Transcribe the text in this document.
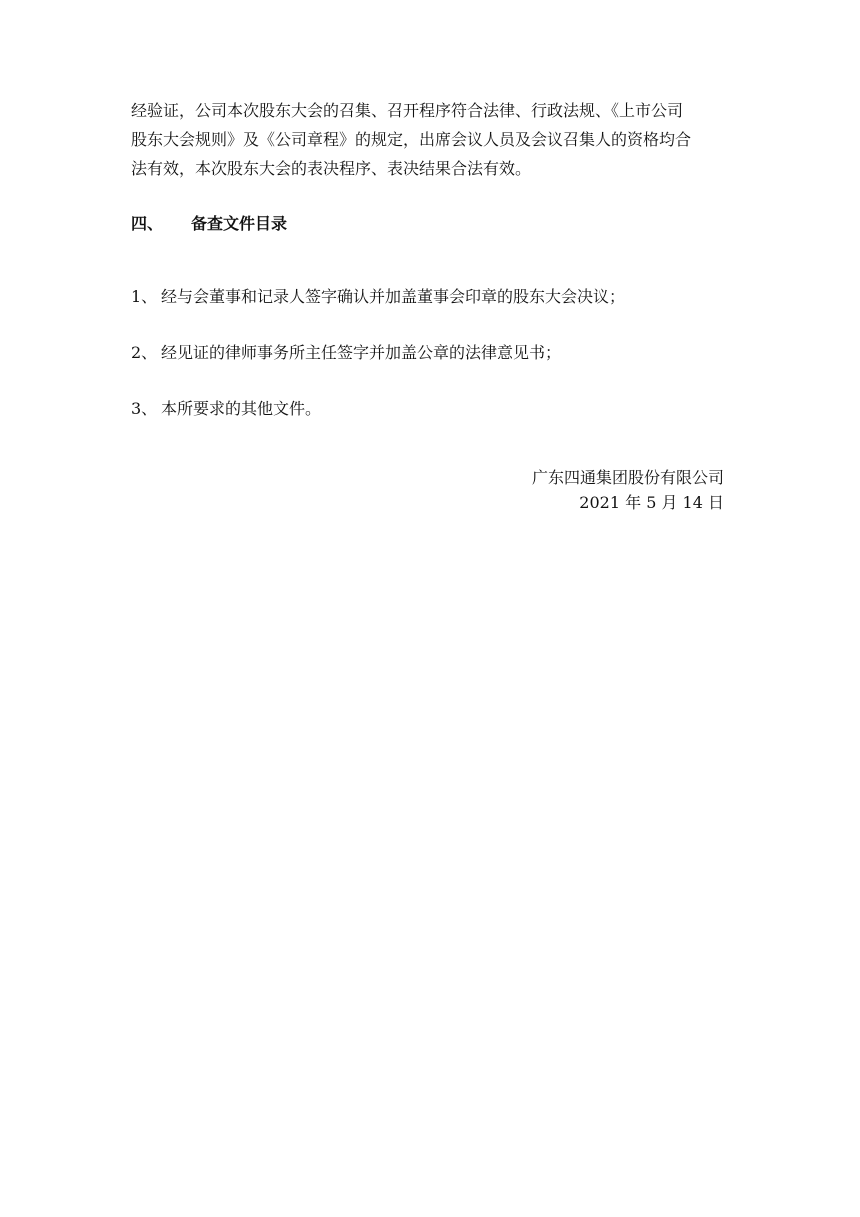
经验证，公司本次股东大会的召集、召开程序符合法律、行政法规、《上市公司
股东大会规则》及《公司章程》的规定，出席会议人员及会议召集人的资格均合
法有效，本次股东大会的表决程序、表决结果合法有效。

四、 备查文件目录

1、 经与会董事和记录人签字确认并加盖董事会印章的股东大会决议；

2、 经见证的律师事务所主任签字并加盖公章的法律意见书；

3、 本所要求的其他文件。

广东四通集团股份有限公司
2021 年 5 月 14 日
